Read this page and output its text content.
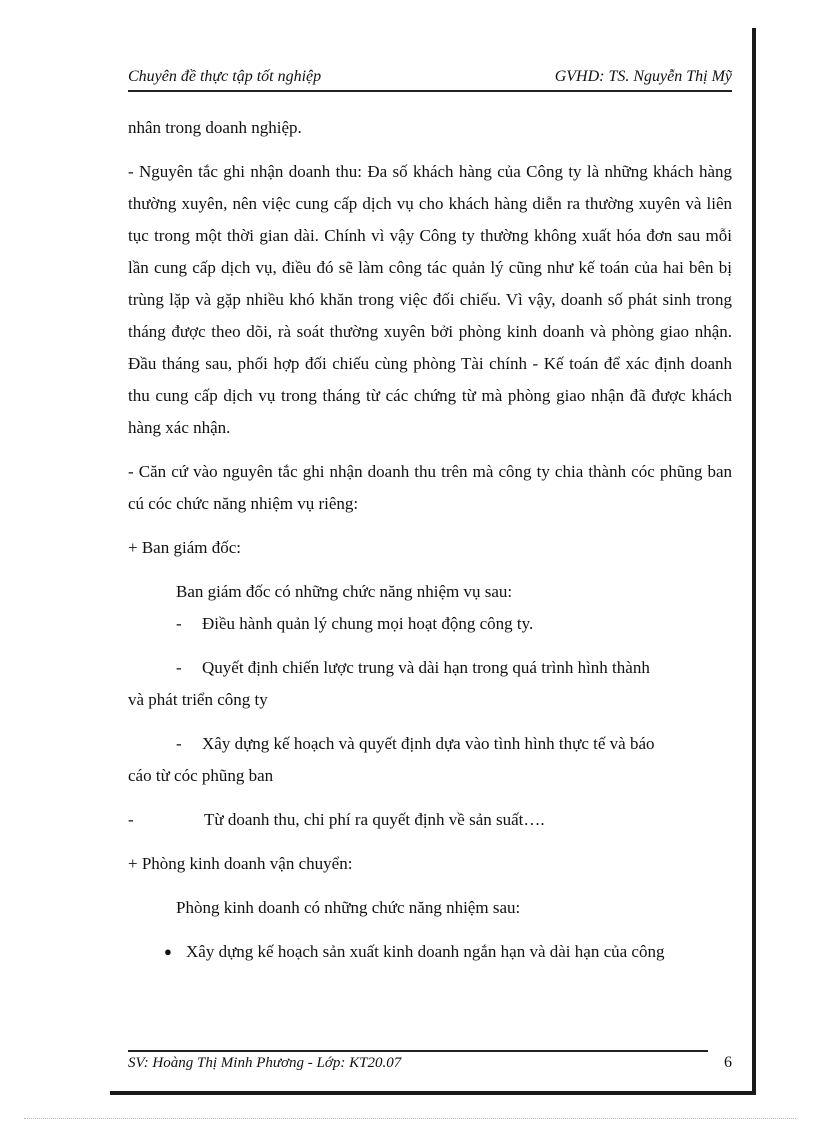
Chuyên đề thực tập tốt nghiệp	GVHD: TS. Nguyễn Thị Mỹ

nhân trong doanh nghiệp.

- Nguyên tắc ghi nhận doanh thu: Đa số khách hàng của Công ty là những khách hàng thường xuyên, nên việc cung cấp dịch vụ cho khách hàng diễn ra thường xuyên và liên tục trong một thời gian dài. Chính vì vậy Công ty thường không xuất hóa đơn sau mỗi lần cung cấp dịch vụ, điều đó sẽ làm công tác quản lý cũng như kế toán của hai bên bị trùng lặp và gặp nhiều khó khăn trong việc đối chiếu. Vì vậy, doanh số phát sinh trong tháng được theo dõi, rà soát thường xuyên bởi phòng kinh doanh và phòng giao nhận. Đầu tháng sau, phối hợp đối chiếu cùng phòng Tài chính - Kế toán để xác định doanh thu cung cấp dịch vụ trong tháng từ các chứng từ mà phòng giao nhận đã được khách hàng xác nhận.

- Căn cứ vào nguyên tắc ghi nhận doanh thu trên mà công ty chia thành cóc phũng ban cú cóc chức năng nhiệm vụ riêng:

+ Ban giám đốc:

Ban giám đốc có những chức năng nhiệm vụ sau:

-	Điều hành quản lý chung mọi hoạt động công ty.
-	Quyết định chiến lược trung và dài hạn trong quá trình hình thành

và phát triển công ty

-	Xây dựng kế hoạch và quyết định dựa vào tình hình thực tế và báo

cáo từ cóc phũng ban

-	Từ doanh thu, chi phí ra quyết định về sản suất….

+ Phòng kinh doanh vận chuyển:

Phòng kinh doanh có những chức năng nhiệm sau:

● Xây dựng kế hoạch sản xuất kinh doanh ngắn hạn và dài hạn của công
SV: Hoàng Thị Minh Phương - Lớp: KT20.07	6
